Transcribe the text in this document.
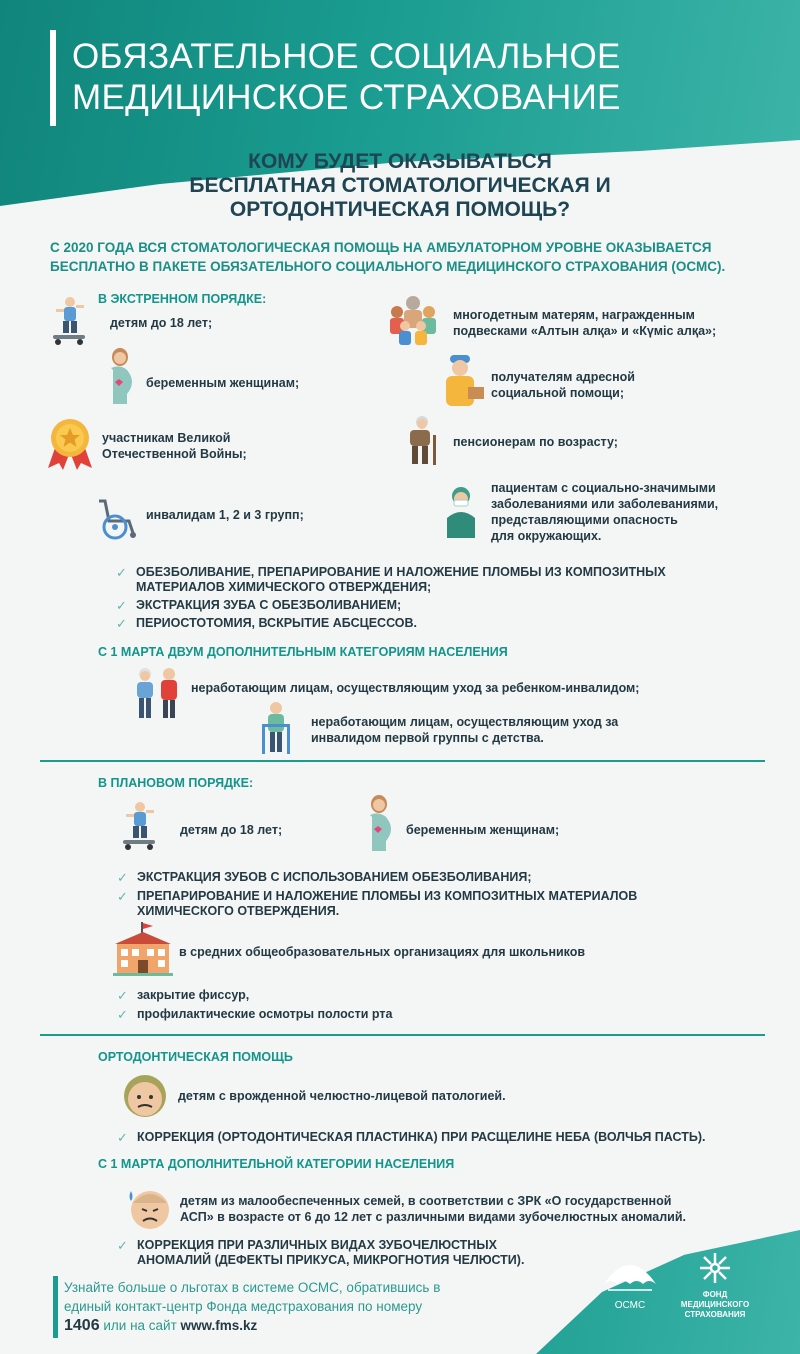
ОБЯЗАТЕЛЬНОЕ СОЦИАЛЬНОЕ
МЕДИЦИНСКОЕ СТРАХОВАНИЕ
КОМУ БУДЕТ ОКАЗЫВАТЬСЯ
БЕСПЛАТНАЯ СТОМАТОЛОГИЧЕСКАЯ И
ОРТОДОНТИЧЕСКАЯ ПОМОЩЬ?
С 2020 ГОДА ВСЯ СТОМАТОЛОГИЧЕСКАЯ ПОМОЩЬ НА АМБУЛАТОРНОМ УРОВНЕ ОКАЗЫВАЕТСЯ
БЕСПЛАТНО В ПАКЕТЕ ОБЯЗАТЕЛЬНОГО СОЦИАЛЬНОГО МЕДИЦИНСКОГО СТРАХОВАНИЯ (ОСМС).
В ЭКСТРЕННОМ ПОРЯДКЕ:
детям до 18 лет;
беременным женщинам;
участникам Великой
Отечественной Войны;
инвалидам 1, 2 и 3 групп;
многодетным матерям, награжденным
подвесками «Алтын алқа» и «Күміс алқа»;
получателям адресной
социальной помощи;
пенсионерам по возрасту;
пациентам с социально-значимыми
заболеваниями или заболеваниями,
представляющими опасность
для окружающих.
✓ ОБЕЗБОЛИВАНИЕ, ПРЕПАРИРОВАНИЕ И НАЛОЖЕНИЕ ПЛОМБЫ ИЗ КОМПОЗИТНЫХ
МАТЕРИАЛОВ ХИМИЧЕСКОГО ОТВЕРЖДЕНИЯ;
✓ ЭКСТРАКЦИЯ ЗУБА С ОБЕЗБОЛИВАНИЕМ;
✓ ПЕРИОСТОТОМИЯ, ВСКРЫТИЕ АБСЦЕССОВ.
С 1 МАРТА ДВУМ ДОПОЛНИТЕЛЬНЫМ КАТЕГОРИЯМ НАСЕЛЕНИЯ
неработающим лицам, осуществляющим уход за ребенком-инвалидом;
неработающим лицам, осуществляющим уход за
инвалидом первой группы с детства.
В ПЛАНОВОМ ПОРЯДКЕ:
детям до 18 лет;	беременным женщинам;
✓ ЭКСТРАКЦИЯ ЗУБОВ С ИСПОЛЬЗОВАНИЕМ ОБЕЗБОЛИВАНИЯ;
✓ ПРЕПАРИРОВАНИЕ И НАЛОЖЕНИЕ ПЛОМБЫ ИЗ КОМПОЗИТНЫХ МАТЕРИАЛОВ
ХИМИЧЕСКОГО ОТВЕРЖДЕНИЯ.
в средних общеобразовательных организациях для школьников
✓ закрытие фиссур,
✓ профилактические осмотры полости рта
ОРТОДОНТИЧЕСКАЯ ПОМОЩЬ
детям с врожденной челюстно-лицевой патологией.
✓ КОРРЕКЦИЯ (ОРТОДОНТИЧЕСКАЯ ПЛАСТИНКА) ПРИ РАСЩЕЛИНЕ НЕБА (ВОЛЧЬЯ ПАСТЬ).
С 1 МАРТА ДОПОЛНИТЕЛЬНОЙ КАТЕГОРИИ НАСЕЛЕНИЯ
детям из малообеспеченных семей, в соответствии с ЗРК «О государственной
АСП» в возрасте от 6 до 12 лет с различными видами зубочелюстных аномалий.
✓ КОРРЕКЦИЯ ПРИ РАЗЛИЧНЫХ ВИДАХ ЗУБОЧЕЛЮСТНЫХ
АНОМАЛИЙ (ДЕФЕКТЫ ПРИКУСА, МИКРОГНОТИЯ ЧЕЛЮСТИ).
Узнайте больше о льготах в системе ОСМС, обратившись в
единый контакт-центр Фонда медстрахования по номеру
1406 или на сайт www.fms.kz
ОСМС
ФОНД
МЕДИЦИНСКОГО
СТРАХОВАНИЯ
